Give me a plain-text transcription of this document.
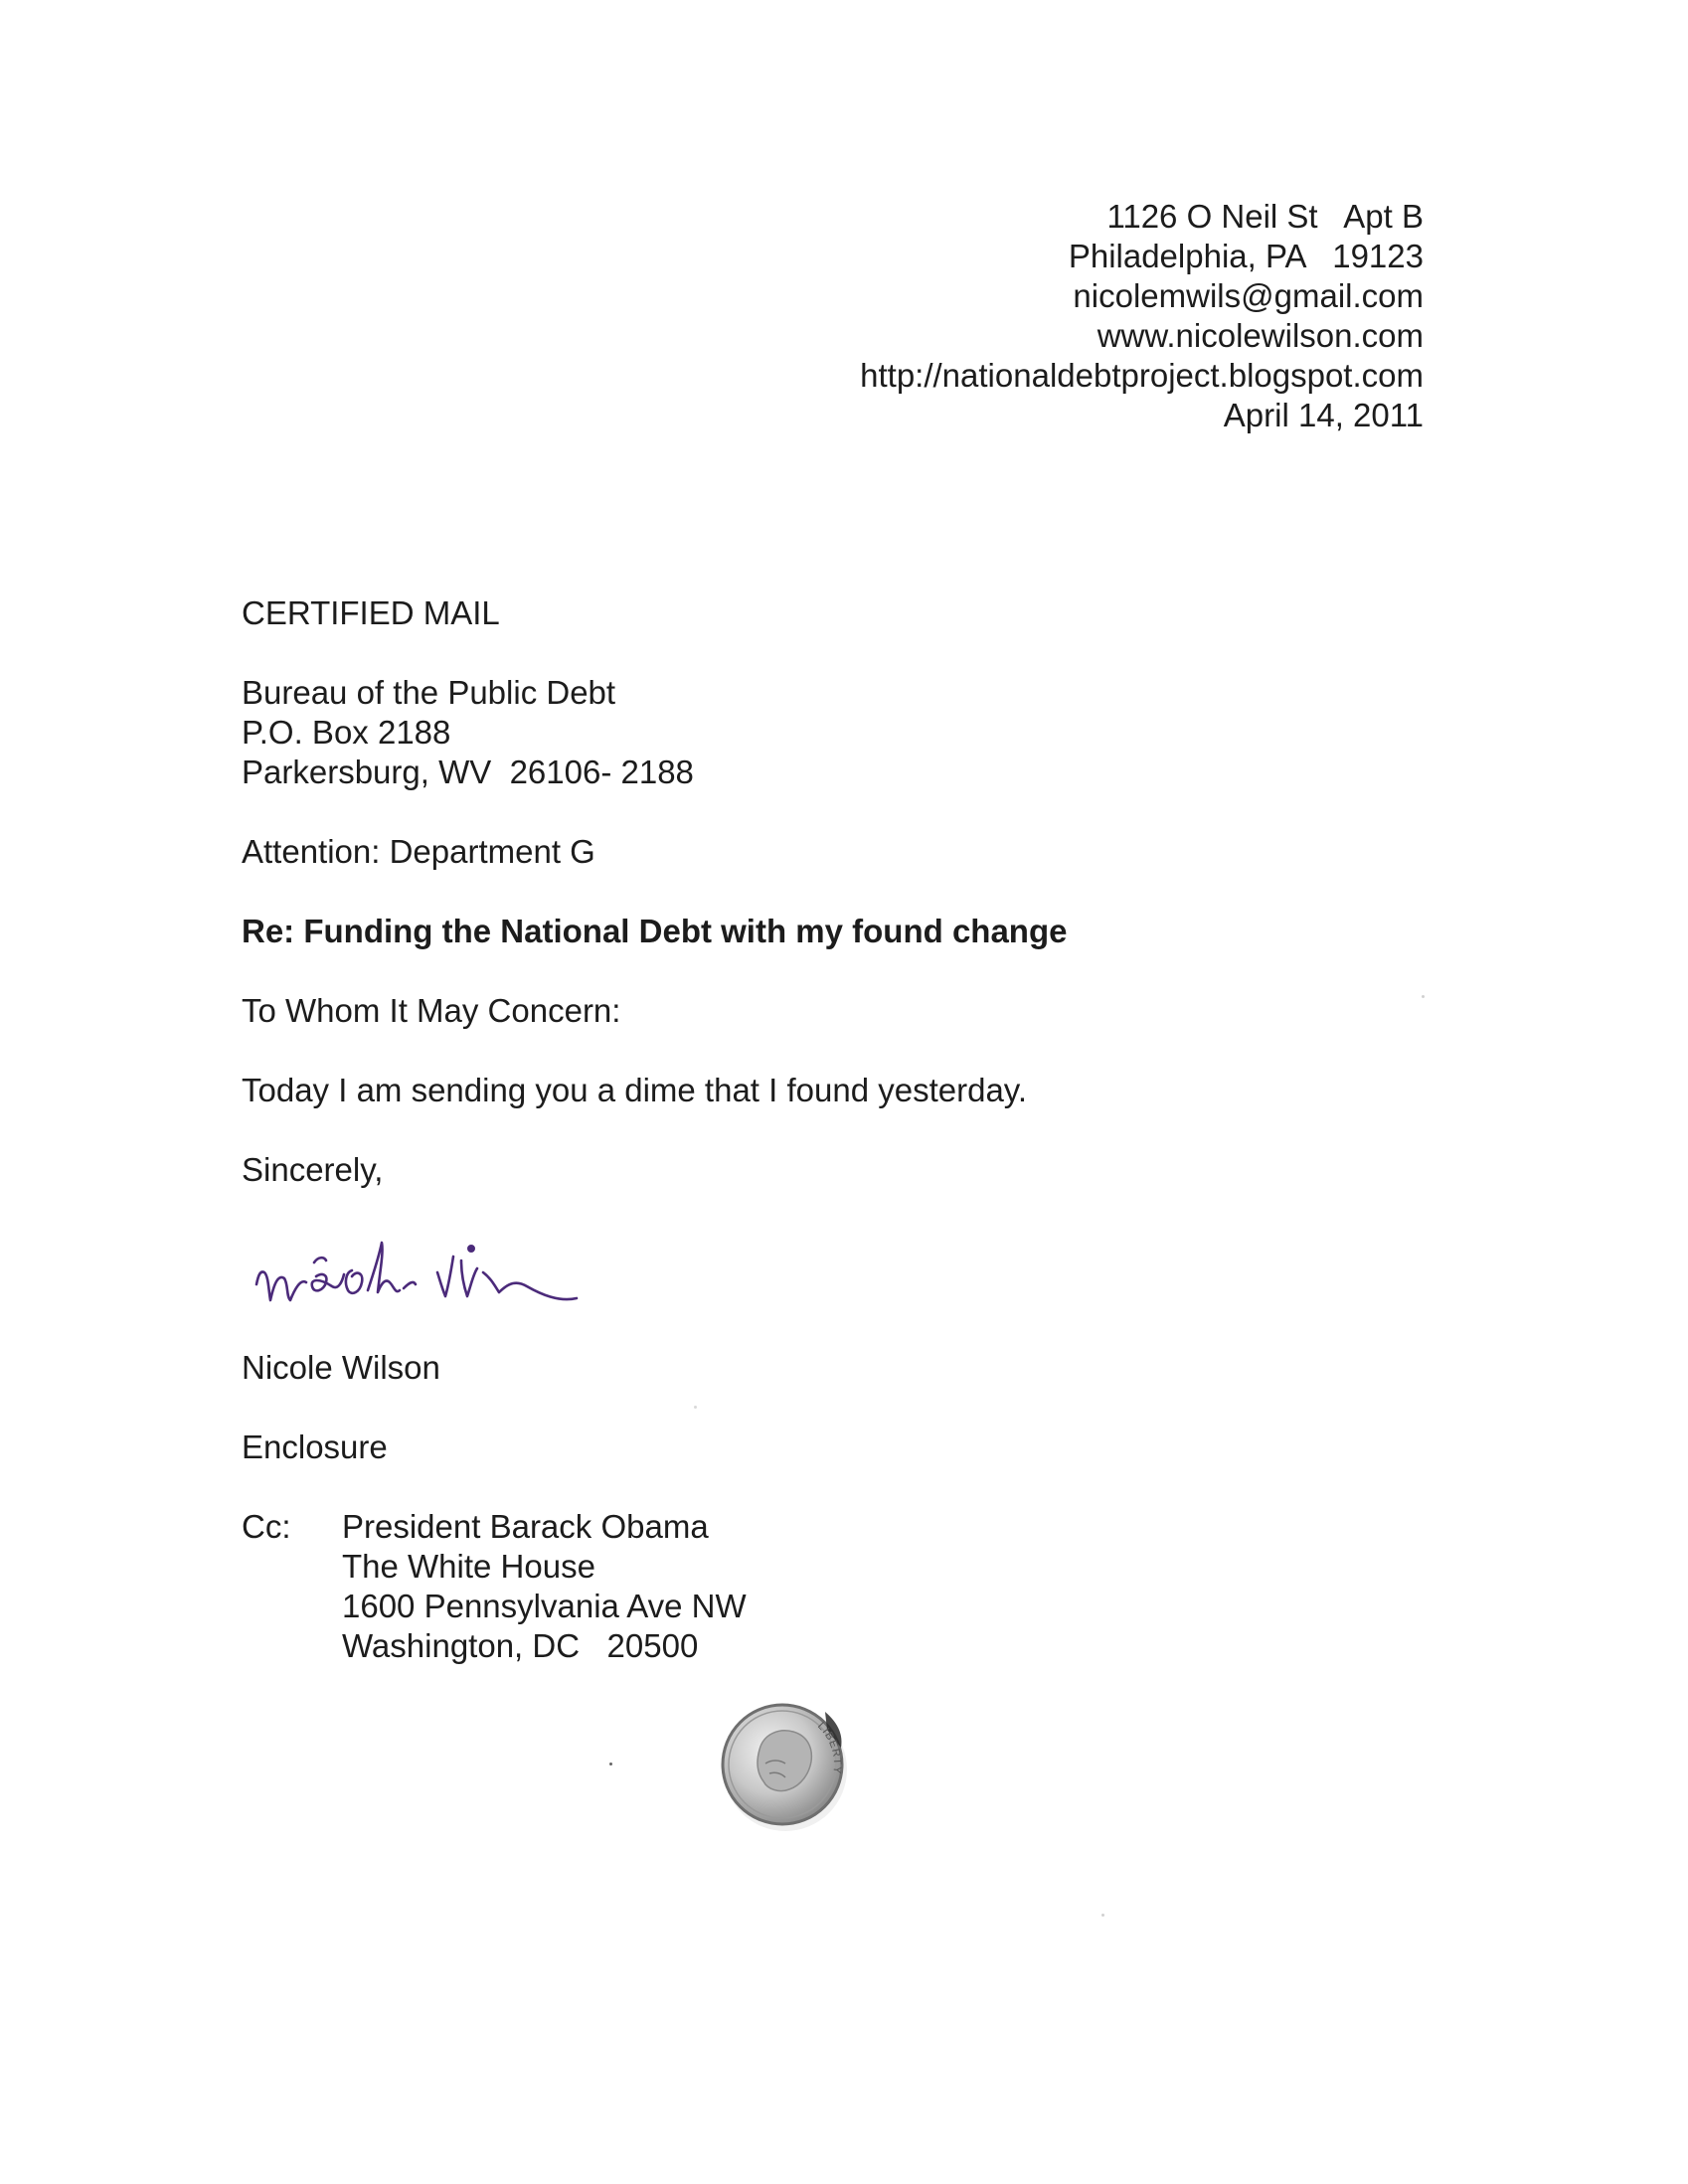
1126 O Neil St   Apt B
Philadelphia, PA   19123
nicolemwils@gmail.com
www.nicolewilson.com
http://nationaldebtproject.blogspot.com
April 14, 2011
CERTIFIED MAIL
Bureau of the Public Debt
P.O. Box 2188
Parkersburg, WV  26106- 2188
Attention: Department G
Re: Funding the National Debt with my found change
To Whom It May Concern:
Today I am sending you a dime that I found yesterday.
Sincerely,
Nicole Wilson
Enclosure
Cc: President Barack Obama
The White House
1600 Pennsylvania Ave NW
Washington, DC   20500
LIBERTY
